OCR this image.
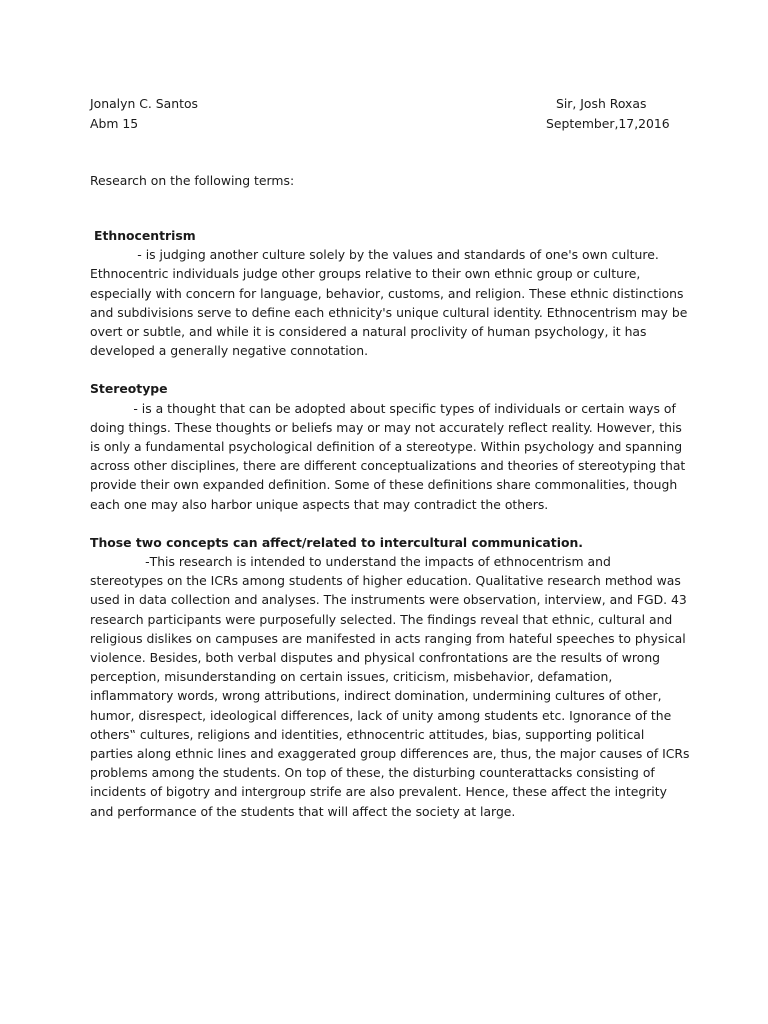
Jonalyn C. Santos	Sir, Josh Roxas
Abm 15	September,17,2016
Research on the following terms:

Ethnocentrism

- is judging another culture solely by the values and standards of one's own culture.
Ethnocentric individuals judge other groups relative to their own ethnic group or culture,
especially with concern for language, behavior, customs, and religion. These ethnic distinctions
and subdivisions serve to define each ethnicity's unique cultural identity. Ethnocentrism may be
overt or subtle, and while it is considered a natural proclivity of human psychology, it has
developed a generally negative connotation.

Stereotype

- is a thought that can be adopted about specific types of individuals or certain ways of
doing things. These thoughts or beliefs may or may not accurately reflect reality. However, this
is only a fundamental psychological definition of a stereotype. Within psychology and spanning
across other disciplines, there are different conceptualizations and theories of stereotyping that
provide their own expanded definition. Some of these definitions share commonalities, though
each one may also harbor unique aspects that may contradict the others.

Those two concepts can affect/related to intercultural communication.

-This research is intended to understand the impacts of ethnocentrism and
stereotypes on the ICRs among students of higher education. Qualitative research method was
used in data collection and analyses. The instruments were observation, interview, and FGD. 43
research participants were purposefully selected. The findings reveal that ethnic, cultural and
religious dislikes on campuses are manifested in acts ranging from hateful speeches to physical
violence. Besides, both verbal disputes and physical confrontations are the results of wrong
perception, misunderstanding on certain issues, criticism, misbehavior, defamation,
inflammatory words, wrong attributions, indirect domination, undermining cultures of other,
humor, disrespect, ideological differences, lack of unity among students etc. Ignorance of the
others‟ cultures, religions and identities, ethnocentric attitudes, bias, supporting political
parties along ethnic lines and exaggerated group differences are, thus, the major causes of ICRs
problems among the students. On top of these, the disturbing counterattacks consisting of
incidents of bigotry and intergroup strife are also prevalent. Hence, these affect the integrity
and performance of the students that will affect the society at large.
